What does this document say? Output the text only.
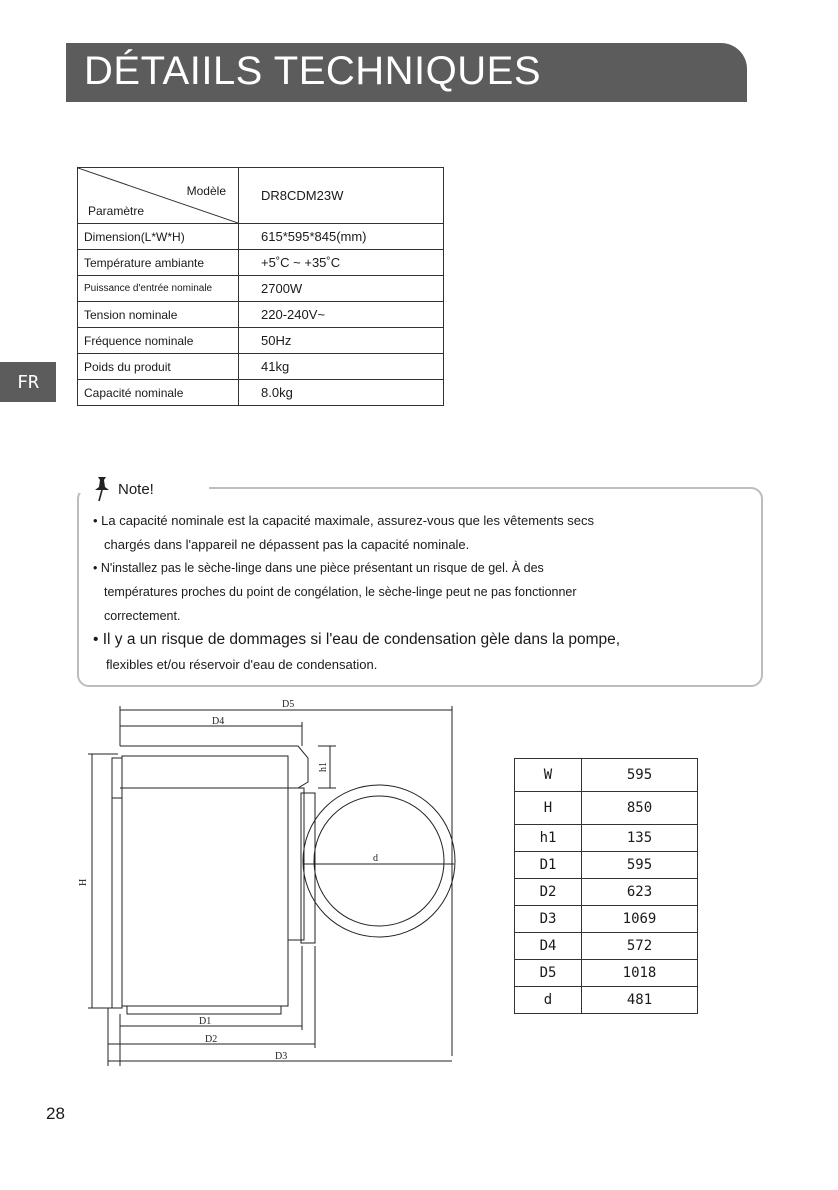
DÉTAIILS TECHNIQUES
FR
Modèle
Paramètre	DR8CDM23W
Dimension(L*W*H)	615*595*845(mm)
Température ambiante	+5˚C ~ +35˚C
Puissance d'entrée nominale	2700W
Tension nominale	220-240V~
Fréquence nominale	50Hz
Poids du produit	41kg
Capacité nominale	8.0kg
Note!
• La capacité nominale est la capacité maximale, assurez-vous que les vêtements secs
chargés dans l'appareil ne dépassent pas la capacité nominale.
• N'installez pas le sèche-linge dans une pièce présentant un risque de gel. À des
températures proches du point de congélation, le sèche-linge peut ne pas fonctionner
correctement.
• Il y a un risque de dommages si l'eau de condensation gèle dans la pompe,
flexibles et/ou réservoir d'eau de condensation.
D5
D4
h1
H
d
D1
D2
D3
W	595
H	850
h1	135
D1	595
D2	623
D3	1069
D4	572
D5	1018
d	481
28
